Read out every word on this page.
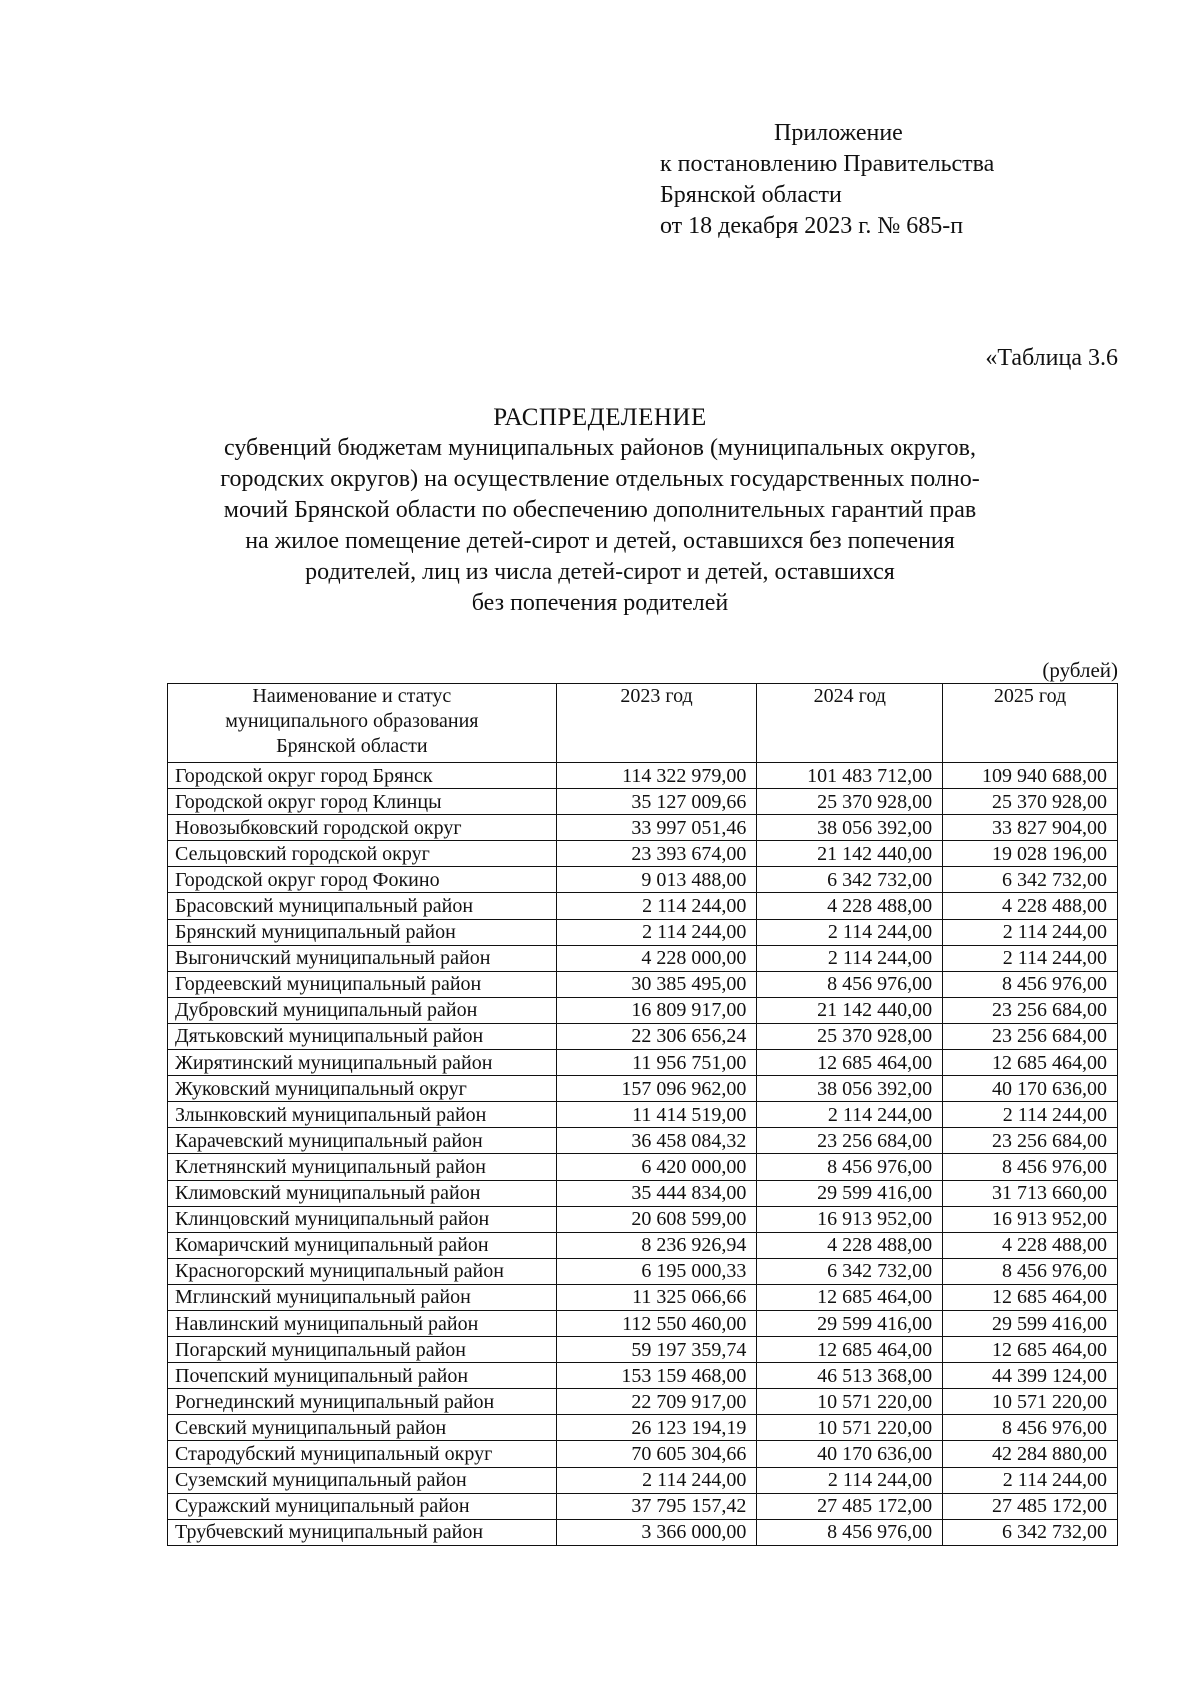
Приложение
к постановлению Правительства
Брянской области
от 18 декабря 2023 г. № 685-п
«Таблица 3.6
РАСПРЕДЕЛЕНИЕ
субвенций бюджетам муниципальных районов (муниципальных округов,
городских округов) на осуществление отдельных государственных полно-
мочий Брянской области по обеспечению дополнительных гарантий прав
на жилое помещение детей-сирот и детей, оставшихся без попечения
родителей, лиц из числа детей-сирот и детей, оставшихся
без попечения родителей
(рублей)
Наименование и статус
муниципального образования
Брянской области	2023 год	2024 год	2025 год
Городской округ город Брянск	114 322 979,00	101 483 712,00	109 940 688,00
Городской округ город Клинцы	35 127 009,66	25 370 928,00	25 370 928,00
Новозыбковский городской округ	33 997 051,46	38 056 392,00	33 827 904,00
Сельцовский городской округ	23 393 674,00	21 142 440,00	19 028 196,00
Городской округ город Фокино	9 013 488,00	6 342 732,00	6 342 732,00
Брасовский муниципальный район	2 114 244,00	4 228 488,00	4 228 488,00
Брянский муниципальный район	2 114 244,00	2 114 244,00	2 114 244,00
Выгоничский муниципальный район	4 228 000,00	2 114 244,00	2 114 244,00
Гордеевский муниципальный район	30 385 495,00	8 456 976,00	8 456 976,00
Дубровский муниципальный район	16 809 917,00	21 142 440,00	23 256 684,00
Дятьковский муниципальный район	22 306 656,24	25 370 928,00	23 256 684,00
Жирятинский муниципальный район	11 956 751,00	12 685 464,00	12 685 464,00
Жуковский муниципальный округ	157 096 962,00	38 056 392,00	40 170 636,00
Злынковский муниципальный район	11 414 519,00	2 114 244,00	2 114 244,00
Карачевский муниципальный район	36 458 084,32	23 256 684,00	23 256 684,00
Клетнянский муниципальный район	6 420 000,00	8 456 976,00	8 456 976,00
Климовский муниципальный район	35 444 834,00	29 599 416,00	31 713 660,00
Клинцовский муниципальный район	20 608 599,00	16 913 952,00	16 913 952,00
Комаричский муниципальный район	8 236 926,94	4 228 488,00	4 228 488,00
Красногорский муниципальный район	6 195 000,33	6 342 732,00	8 456 976,00
Мглинский муниципальный район	11 325 066,66	12 685 464,00	12 685 464,00
Навлинский муниципальный район	112 550 460,00	29 599 416,00	29 599 416,00
Погарский муниципальный район	59 197 359,74	12 685 464,00	12 685 464,00
Почепский муниципальный район	153 159 468,00	46 513 368,00	44 399 124,00
Рогнединский муниципальный район	22 709 917,00	10 571 220,00	10 571 220,00
Севский муниципальный район	26 123 194,19	10 571 220,00	8 456 976,00
Стародубский муниципальный округ	70 605 304,66	40 170 636,00	42 284 880,00
Суземский муниципальный район	2 114 244,00	2 114 244,00	2 114 244,00
Суражский муниципальный район	37 795 157,42	27 485 172,00	27 485 172,00
Трубчевский муниципальный район	3 366 000,00	8 456 976,00	6 342 732,00
